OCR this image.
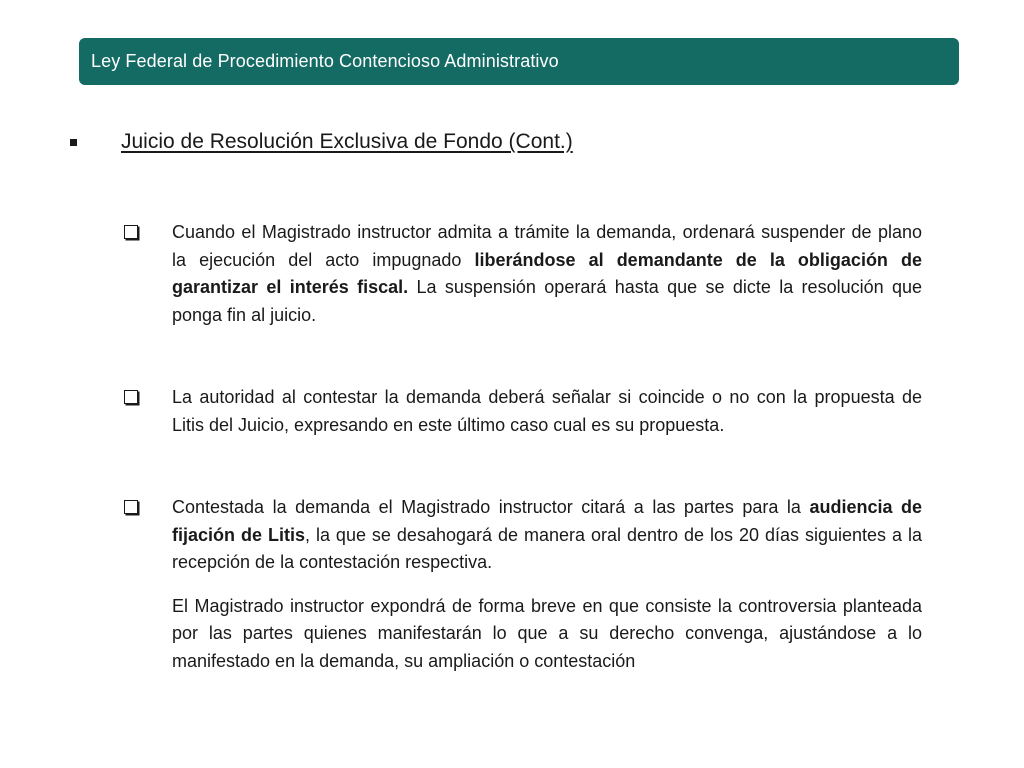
Ley Federal de Procedimiento Contencioso Administrativo
Juicio de Resolución Exclusiva de Fondo (Cont.)

Cuando el Magistrado instructor admita a trámite la demanda, ordenará suspender de plano la ejecución del acto impugnado liberándose al demandante de la obligación de garantizar el interés fiscal. La suspensión operará hasta que se dicte la resolución que ponga fin al juicio.

La autoridad al contestar la demanda deberá señalar si coincide o no con la propuesta de Litis del Juicio, expresando en este último caso cual es su propuesta.

Contestada la demanda el Magistrado instructor citará a las partes para la audiencia de fijación de Litis, la que se desahogará de manera oral dentro de los 20 días siguientes a la recepción de la contestación respectiva.

El Magistrado instructor expondrá de forma breve en que consiste la controversia planteada por las partes quienes manifestarán lo que a su derecho convenga, ajustándose a lo manifestado en la demanda, su ampliación o contestación
